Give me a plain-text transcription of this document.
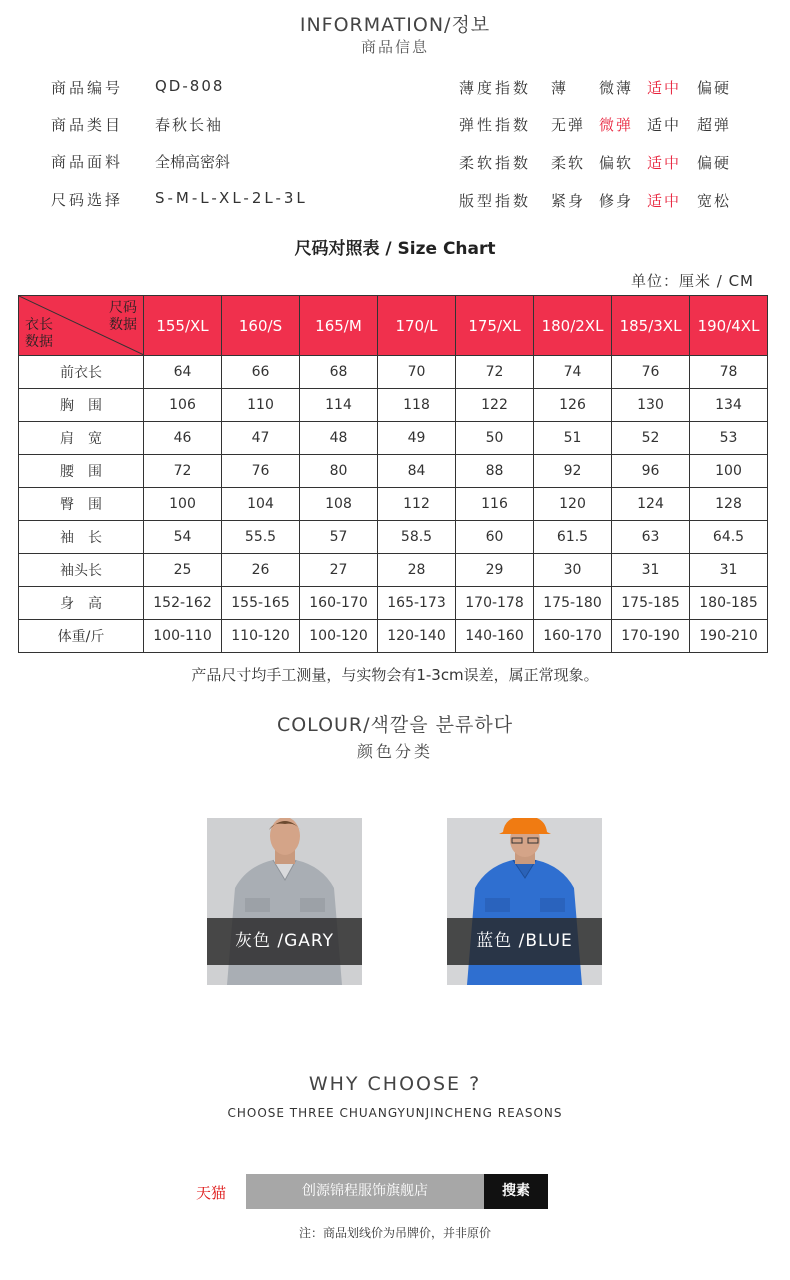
INFORMATION/정보
商品信息
商品编号 QD-808
商品类目 春秋长袖
商品面料 全棉高密斜
尺码选择 S-M-L-XL-2L-3L
薄度指数 薄 微薄 适中 偏硬
弹性指数 无弹 微弹 适中 超弹
柔软指数 柔软 偏软 适中 偏硬
版型指数 紧身 修身 适中 宽松
尺码对照表 / Size Chart
单位：厘米 / CM
尺码
数据
衣长
数据	155/XL	160/S	165/M	170/L	175/XL	180/2XL	185/3XL	190/4XL
前衣长	64	66	68	70	72	74	76	78
胸　围	106	110	114	118	122	126	130	134
肩　宽	46	47	48	49	50	51	52	53
腰　围	72	76	80	84	88	92	96	100
臀　围	100	104	108	112	116	120	124	128
袖　长	54	55.5	57	58.5	60	61.5	63	64.5
袖头长	25	26	27	28	29	30	31	31
身　高	152-162	155-165	160-170	165-173	170-178	175-180	175-185	180-185
体重/斤	100-110	110-120	100-120	120-140	140-160	160-170	170-190	190-210
产品尺寸均手工测量，与实物会有1-3cm误差，属正常现象。
COLOUR/색깔을 분류하다
颜色分类
灰色 /GARY	蓝色 /BLUE
WHY CHOOSE ?
CHOOSE THREE CHUANGYUNJINCHENG REASONS
天猫	创源锦程服饰旗舰店	搜素
注：商品划线价为吊牌价，并非原价
